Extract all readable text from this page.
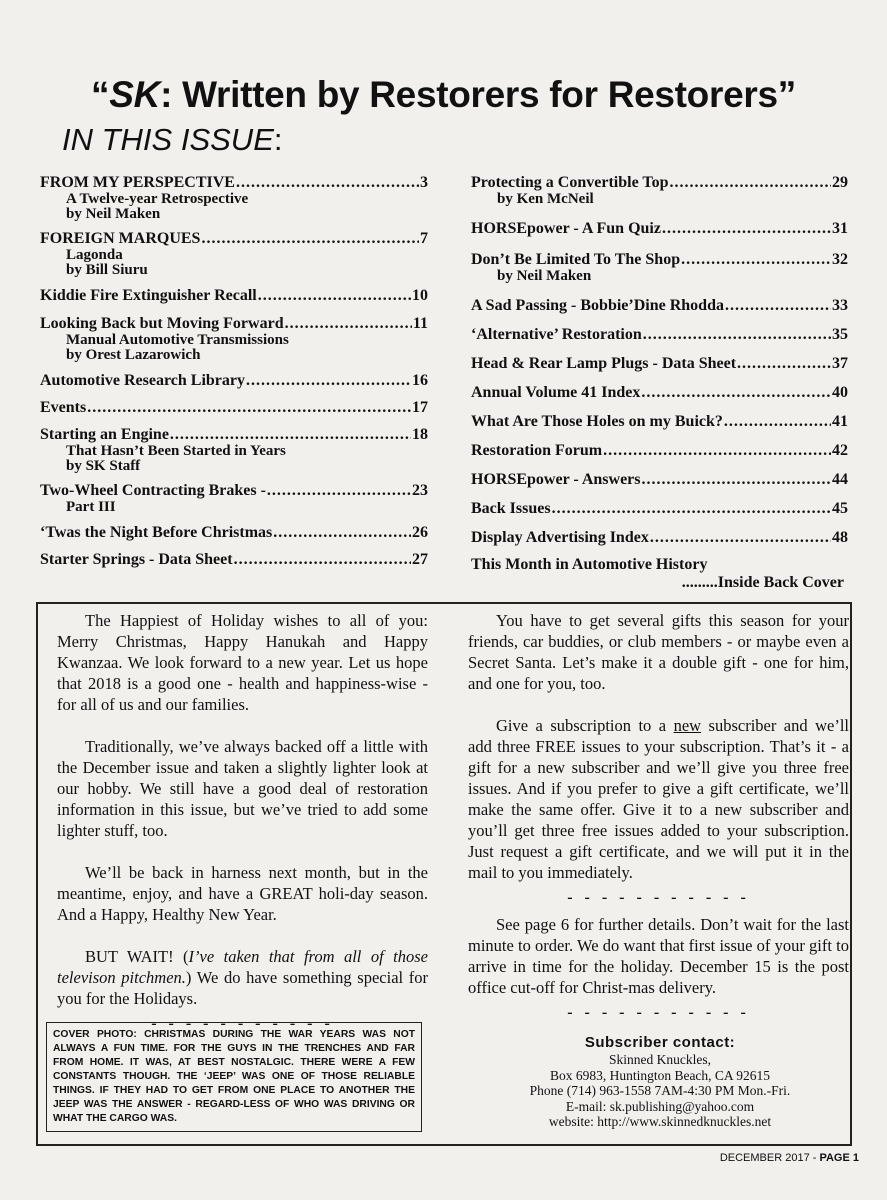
“SK: Written by Restorers for Restorers”
IN THIS ISSUE:
FROM MY PERSPECTIVE .....	3
A Twelve-year Retrospective
by Neil Maken
FOREIGN MARQUES .....	7
Lagonda
by Bill Siuru
Kiddie Fire Extinguisher Recall .....	10
Looking Back but Moving Forward .....	11
Manual Automotive Transmissions
by Orest Lazarowich
Automotive Research Library .....	16
Events .....	17
Starting an Engine .....	18
That Hasn’t Been Started in Years
by SK Staff
Two-Wheel Contracting Brakes - .....	23
Part III
‘Twas the Night Before Christmas .....	26
Starter Springs - Data Sheet .....	27
Protecting a Convertible Top .....	29
by Ken McNeil
HORSEpower - A Fun Quiz .....	31
Don’t Be Limited To The Shop .....	32
by Neil Maken
A Sad Passing - Bobbie’Dine Rhodda .....	33
‘Alternative’ Restoration .....	35
Head & Rear Lamp Plugs - Data Sheet .....	37
Annual Volume 41 Index .....	40
What Are Those Holes on my Buick? .....	41
Restoration Forum .....	42
HORSEpower - Answers .....	44
Back Issues .....	45
Display Advertising Index .....	48
This Month in Automotive History
.........Inside Back Cover

The Happiest of Holiday wishes to all of you: Merry Christmas, Happy Hanukah and Happy Kwanzaa. We look forward to a new year. Let us hope that 2018 is a good one - health and happiness-wise - for all of us and our families.

Traditionally, we’ve always backed off a little with the December issue and taken a slightly lighter look at our hobby. We still have a good deal of restoration information in this issue, but we’ve tried to add some lighter stuff, too.

We’ll be back in harness next month, but in the meantime, enjoy, and have a GREAT holi-day season. And a Happy, Healthy New Year.

BUT WAIT! (I’ve taken that from all of those televison pitchmen.) We do have something special for you for the Holidays.

- - - - - - - - - - -
COVER PHOTO: CHRISTMAS DURING THE WAR YEARS WAS NOT ALWAYS A FUN TIME. FOR THE GUYS IN THE TRENCHES AND FAR FROM HOME. IT WAS, AT BEST NOSTALGIC. THERE WERE A FEW CONSTANTS THOUGH. THE ‘JEEP’ WAS ONE OF THOSE RELIABLE THINGS. IF THEY HAD TO GET FROM ONE PLACE TO ANOTHER THE JEEP WAS THE ANSWER - REGARD-LESS OF WHO WAS DRIVING OR WHAT THE CARGO WAS.

You have to get several gifts this season for your friends, car buddies, or club members - or maybe even a Secret Santa. Let’s make it a double gift - one for him, and one for you, too.

Give a subscription to a new subscriber and we’ll add three FREE issues to your subscription. That’s it - a gift for a new subscriber and we’ll give you three free issues. And if you prefer to give a gift certificate, we’ll make the same offer. Give it to a new subscriber and you’ll get three free issues added to your subscription. Just request a gift certificate, and we will put it in the mail to you immediately.

- - - - - - - - - - -

See page 6 for further details. Don’t wait for the last minute to order. We do want that first issue of your gift to arrive in time for the holiday. December 15 is the post office cut-off for Christ-mas delivery.

- - - - - - - - - - -
Subscriber contact:
Skinned Knuckles,
Box 6983, Huntington Beach, CA 92615
Phone (714) 963-1558 7AM-4:30 PM Mon.-Fri.
E-mail: sk.publishing@yahoo.com
website: http://www.skinnedknuckles.net
DECEMBER 2017 - PAGE 1
